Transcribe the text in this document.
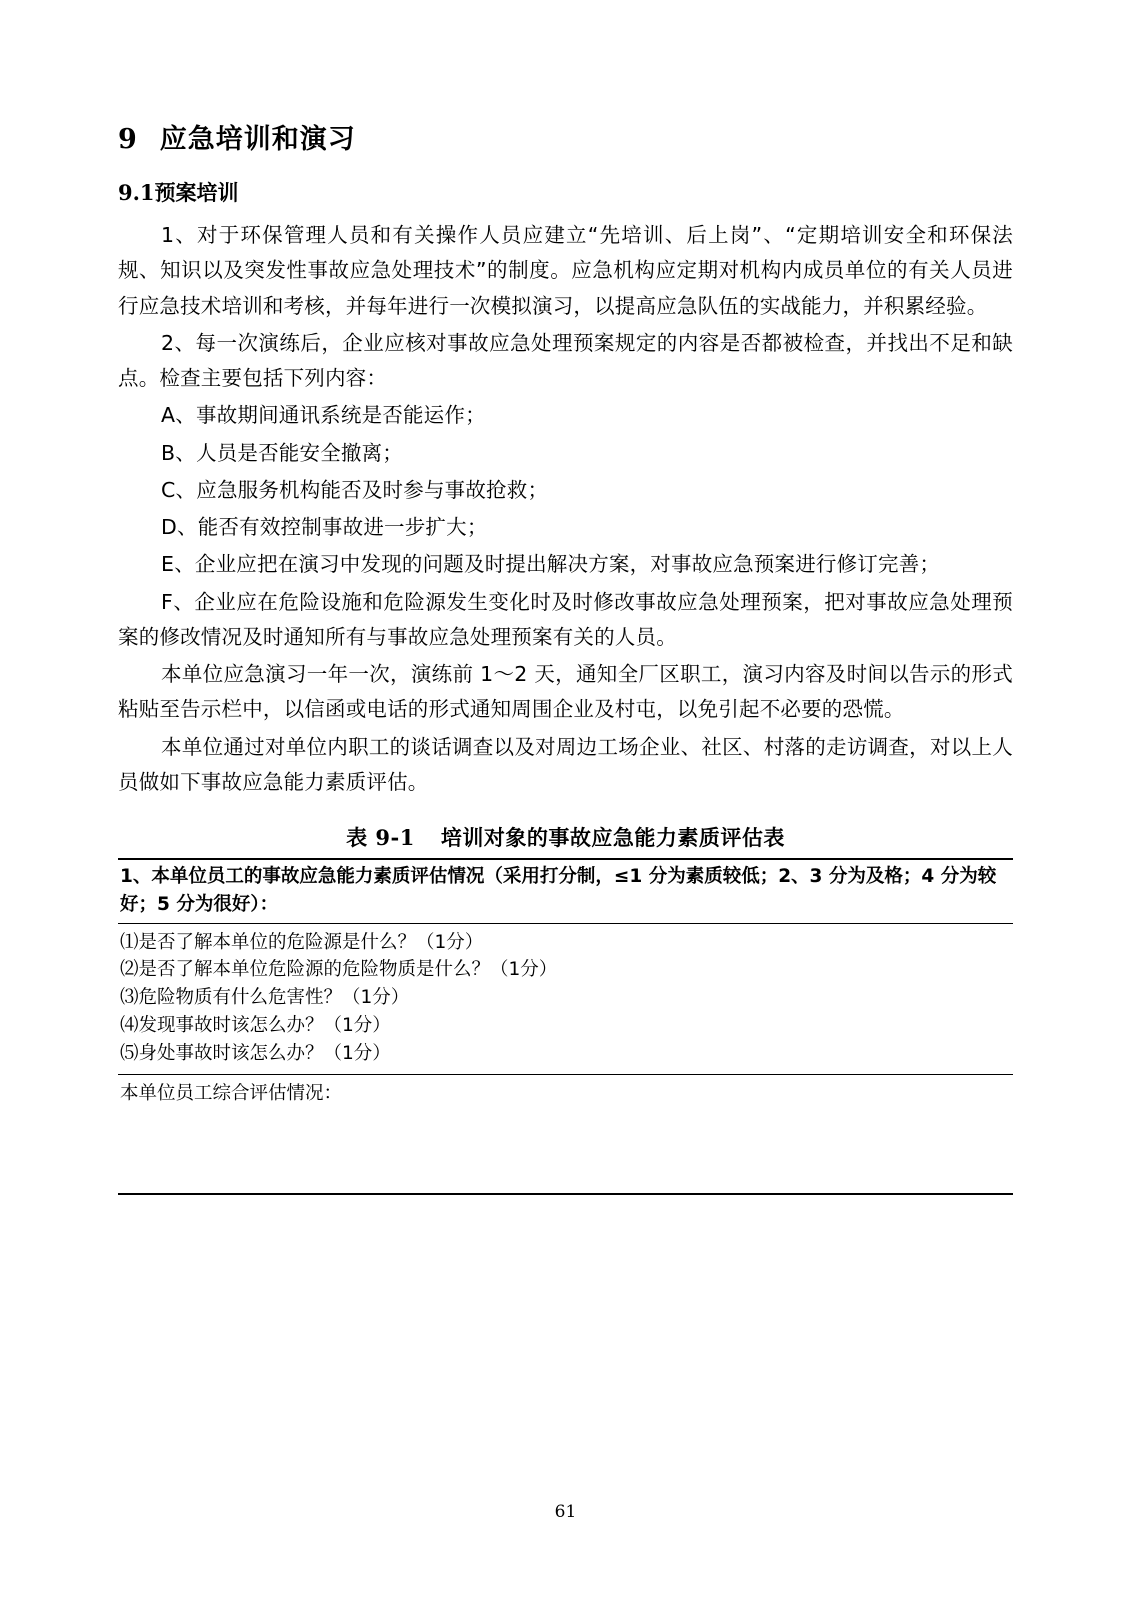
9 应急培训和演习
9.1预案培训

1、对于环保管理人员和有关操作人员应建立“先培训、后上岗”、“定期培训安全和环保法规、知识以及突发性事故应急处理技术”的制度。应急机构应定期对机构内成员单位的有关人员进行应急技术培训和考核，并每年进行一次模拟演习，以提高应急队伍的实战能力，并积累经验。

2、每一次演练后，企业应核对事故应急处理预案规定的内容是否都被检查，并找出不足和缺点。检查主要包括下列内容：

A、事故期间通讯系统是否能运作；

B、人员是否能安全撤离；

C、应急服务机构能否及时参与事故抢救；

D、能否有效控制事故进一步扩大；

E、企业应把在演习中发现的问题及时提出解决方案，对事故应急预案进行修订完善；

F、企业应在危险设施和危险源发生变化时及时修改事故应急处理预案，把对事故应急处理预案的修改情况及时通知所有与事故应急处理预案有关的人员。

本单位应急演习一年一次，演练前 1～2 天，通知全厂区职工，演习内容及时间以告示的形式粘贴至告示栏中，以信函或电话的形式通知周围企业及村屯，以免引起不必要的恐慌。

本单位通过对单位内职工的谈话调查以及对周边工场企业、社区、村落的走访调查，对以上人员做如下事故应急能力素质评估。

表 9-1 培训对象的事故应急能力素质评估表
1、本单位员工的事故应急能力素质评估情况（采用打分制，≤1 分为素质较低；2、3 分为及格；4 分为较好；5 分为很好）：

⑴是否了解本单位的危险源是什么？（1分）
⑵是否了解本单位危险源的危险物质是什么？（1分）
⑶危险物质有什么危害性？（1分）
⑷发现事故时该怎么办？（1分）
⑸身处事故时该怎么办？（1分）

本单位员工综合评估情况：
61
